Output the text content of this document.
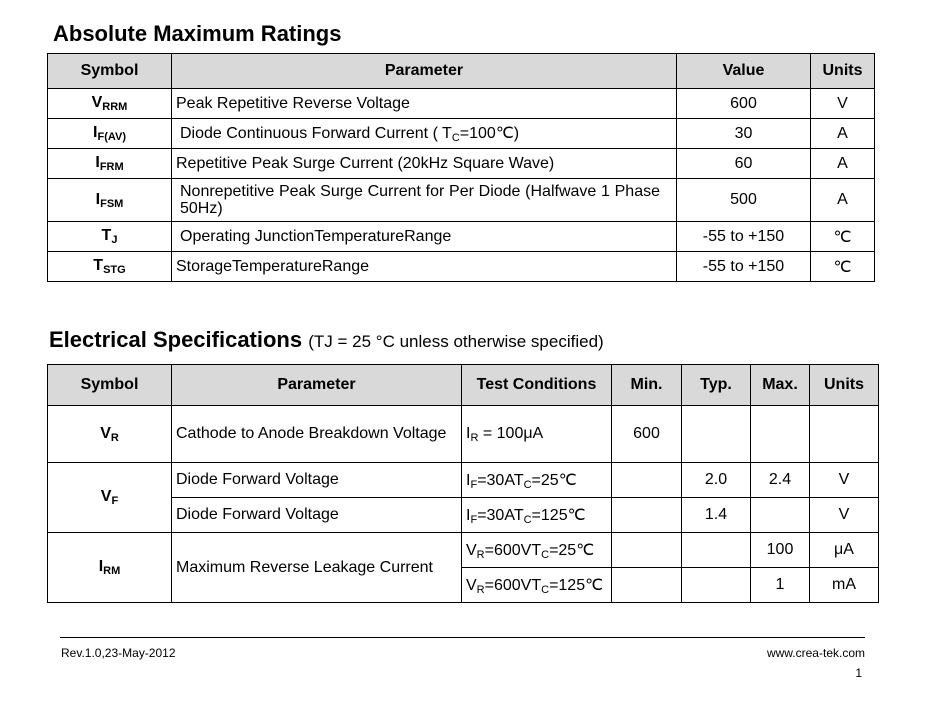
Absolute Maximum Ratings
Symbol	Parameter	Value	Units
$V_{RRM}$	Peak Repetitive Reverse Voltage	600	V
$I_{F(AV)}$	Diode Continuous Forward Current ( $T_C=100℃$)	30	A
$I_{FRM}$	Repetitive Peak Surge Current (20kHz Square Wave)	60	A
$I_{FSM}$	Nonrepetitive Peak Surge Current for Per Diode (Halfwave 1 Phase 50Hz)	500	A
$T_J$	Operating JunctionTemperatureRange	-55 to +150	℃
$T_{STG}$	StorageTemperatureRange	-55 to +150	℃
Electrical Specifications (TJ = 25 °C unless otherwise specified)
Symbol	Parameter	Test Conditions	Min.	Typ.	Max.	Units
$V_R$	Cathode to Anode Breakdown Voltage	$I_R = 100\mu A$	600			
$V_F$	Diode Forward Voltage	$I_F=30AT_C=25℃$		2.0	2.4	V
	Diode Forward Voltage	$I_F=30AT_C=125℃$		1.4		V
$I_{RM}$	Maximum Reverse Leakage Current	$V_R=600VT_C=25℃$			100	μA
		$V_R=600VT_C=125℃$			1	mA
Rev.1.0,23-May-2012	www.crea-tek.com
1
